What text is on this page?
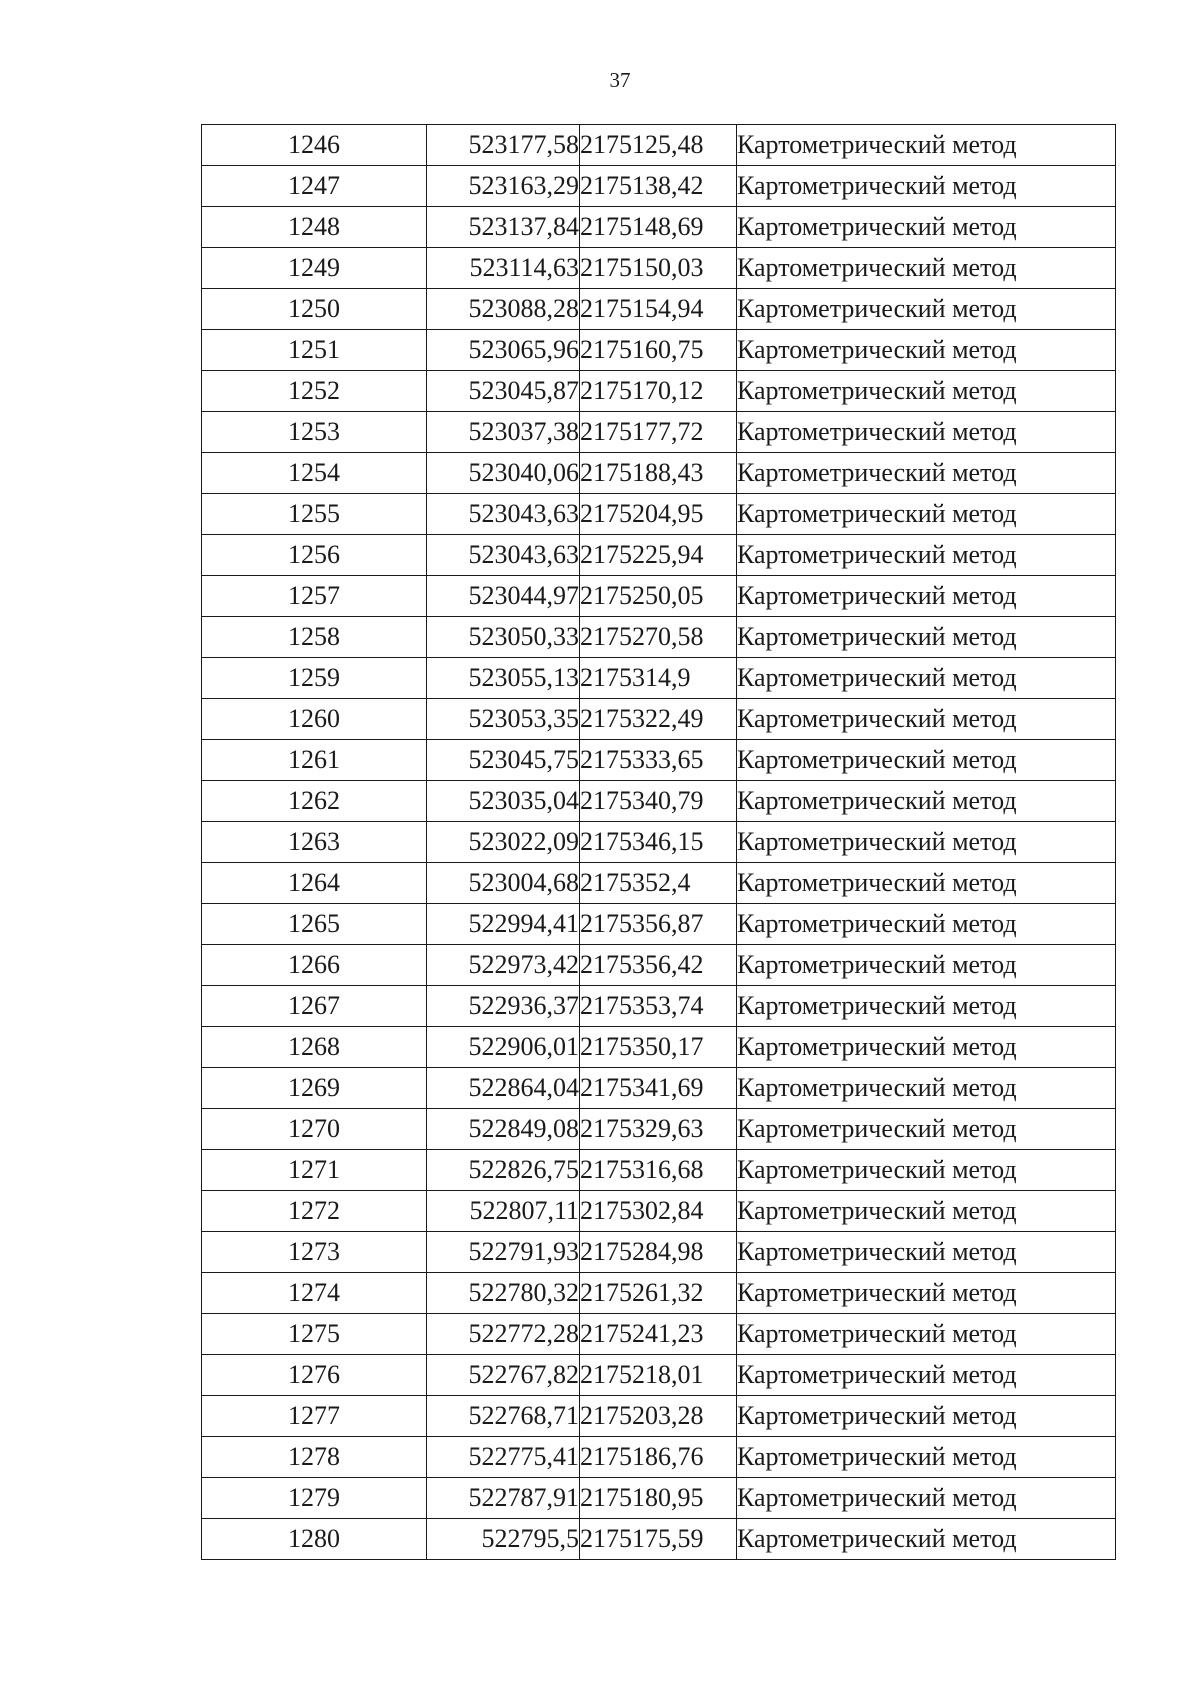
37
1246	523177,58	2175125,48	Картометрический метод
1247	523163,29	2175138,42	Картометрический метод
1248	523137,84	2175148,69	Картометрический метод
1249	523114,63	2175150,03	Картометрический метод
1250	523088,28	2175154,94	Картометрический метод
1251	523065,96	2175160,75	Картометрический метод
1252	523045,87	2175170,12	Картометрический метод
1253	523037,38	2175177,72	Картометрический метод
1254	523040,06	2175188,43	Картометрический метод
1255	523043,63	2175204,95	Картометрический метод
1256	523043,63	2175225,94	Картометрический метод
1257	523044,97	2175250,05	Картометрический метод
1258	523050,33	2175270,58	Картометрический метод
1259	523055,13	2175314,9	Картометрический метод
1260	523053,35	2175322,49	Картометрический метод
1261	523045,75	2175333,65	Картометрический метод
1262	523035,04	2175340,79	Картометрический метод
1263	523022,09	2175346,15	Картометрический метод
1264	523004,68	2175352,4	Картометрический метод
1265	522994,41	2175356,87	Картометрический метод
1266	522973,42	2175356,42	Картометрический метод
1267	522936,37	2175353,74	Картометрический метод
1268	522906,01	2175350,17	Картометрический метод
1269	522864,04	2175341,69	Картометрический метод
1270	522849,08	2175329,63	Картометрический метод
1271	522826,75	2175316,68	Картометрический метод
1272	522807,11	2175302,84	Картометрический метод
1273	522791,93	2175284,98	Картометрический метод
1274	522780,32	2175261,32	Картометрический метод
1275	522772,28	2175241,23	Картометрический метод
1276	522767,82	2175218,01	Картометрический метод
1277	522768,71	2175203,28	Картометрический метод
1278	522775,41	2175186,76	Картометрический метод
1279	522787,91	2175180,95	Картометрический метод
1280	522795,5	2175175,59	Картометрический метод
